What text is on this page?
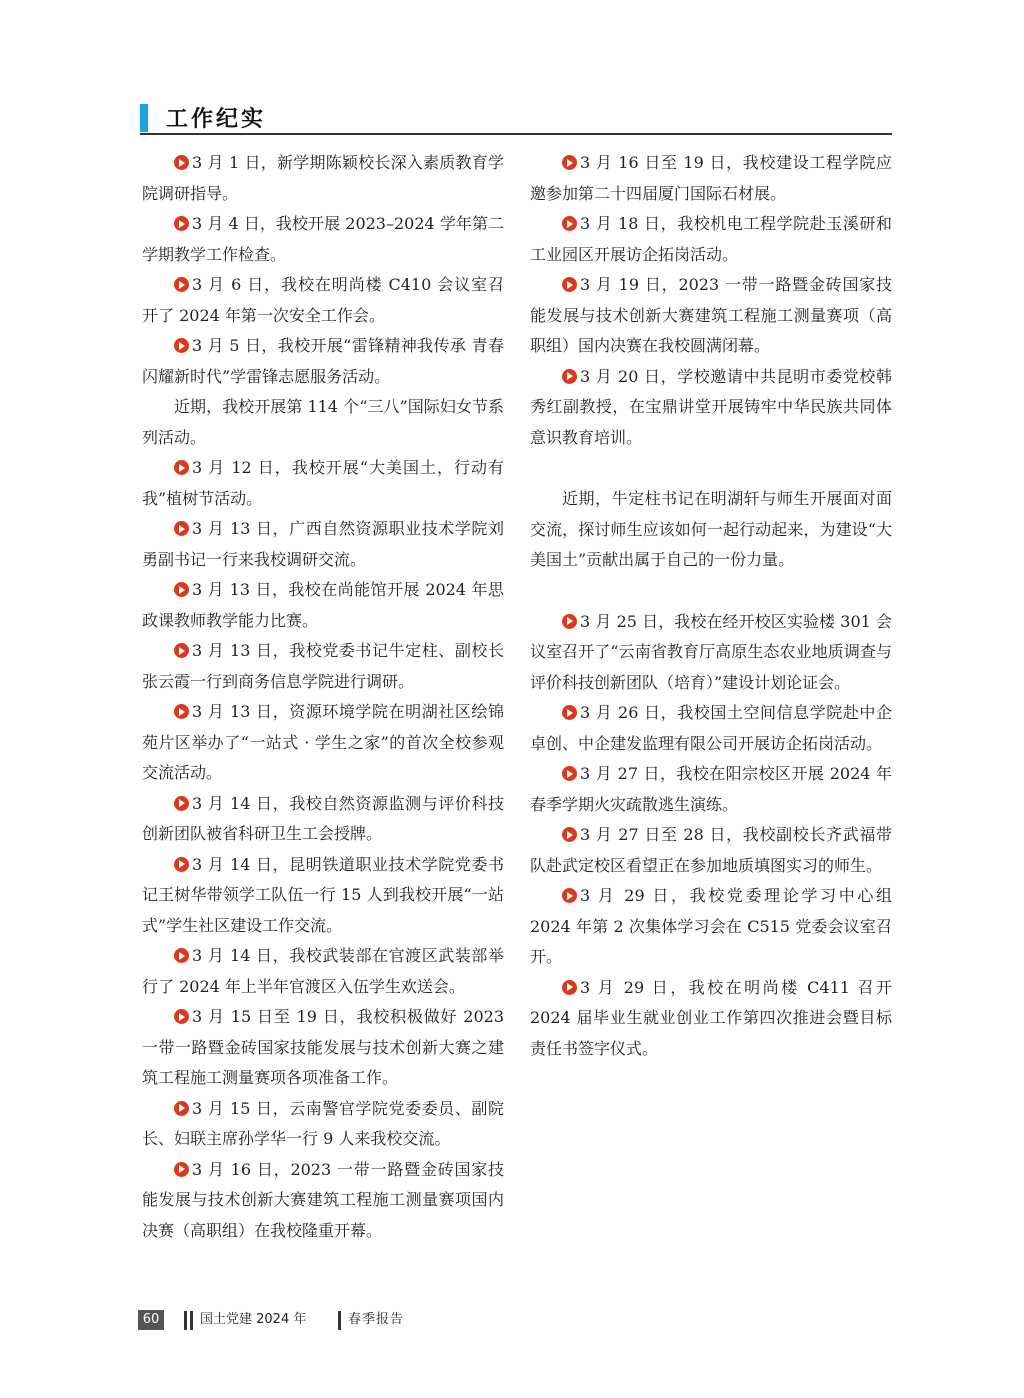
工作纪实

3 月 1 日，新学期陈颖校长深入素质教育学院调研指导。

3 月 4 日，我校开展 2023–2024 学年第二学期教学工作检查。

3 月 6 日，我校在明尚楼 C410 会议室召开了 2024 年第一次安全工作会。

3 月 5 日，我校开展“雷锋精神我传承 青春闪耀新时代”学雷锋志愿服务活动。

近期，我校开展第 114 个“三八”国际妇女节系列活动。

3 月 12 日，我校开展“大美国土，行动有我”植树节活动。

3 月 13 日，广西自然资源职业技术学院刘勇副书记一行来我校调研交流。

3 月 13 日，我校在尚能馆开展 2024 年思政课教师教学能力比赛。

3 月 13 日，我校党委书记牛定柱、副校长张云霞一行到商务信息学院进行调研。

3 月 13 日，资源环境学院在明湖社区绘锦苑片区举办了“一站式 · 学生之家”的首次全校参观交流活动。

3 月 14 日，我校自然资源监测与评价科技创新团队被省科研卫生工会授牌。

3 月 14 日，昆明铁道职业技术学院党委书记王树华带领学工队伍一行 15 人到我校开展“一站式”学生社区建设工作交流。

3 月 14 日，我校武装部在官渡区武装部举行了 2024 年上半年官渡区入伍学生欢送会。

3 月 15 日至 19 日，我校积极做好 2023 一带一路暨金砖国家技能发展与技术创新大赛之建筑工程施工测量赛项各项准备工作。

3 月 15 日，云南警官学院党委委员、副院长、妇联主席孙学华一行 9 人来我校交流。

3 月 16 日，2023 一带一路暨金砖国家技能发展与技术创新大赛建筑工程施工测量赛项国内决赛（高职组）在我校隆重开幕。

3 月 16 日至 19 日，我校建设工程学院应邀参加第二十四届厦门国际石材展。

3 月 18 日，我校机电工程学院赴玉溪研和工业园区开展访企拓岗活动。

3 月 19 日，2023 一带一路暨金砖国家技能发展与技术创新大赛建筑工程施工测量赛项（高职组）国内决赛在我校圆满闭幕。

3 月 20 日，学校邀请中共昆明市委党校韩秀红副教授，在宝鼎讲堂开展铸牢中华民族共同体意识教育培训。

近期，牛定柱书记在明湖轩与师生开展面对面交流，探讨师生应该如何一起行动起来，为建设“大美国土”贡献出属于自己的一份力量。

3 月 25 日，我校在经开校区实验楼 301 会议室召开了“云南省教育厅高原生态农业地质调查与评价科技创新团队（培育）”建设计划论证会。

3 月 26 日，我校国土空间信息学院赴中企卓创、中企建发监理有限公司开展访企拓岗活动。

3 月 27 日，我校在阳宗校区开展 2024 年春季学期火灾疏散逃生演练。

3 月 27 日至 28 日，我校副校长齐武福带队赴武定校区看望正在参加地质填图实习的师生。

3 月 29 日，我校党委理论学习中心组 2024 年第 2 次集体学习会在 C515 党委会议室召开。

3 月 29 日，我校在明尚楼 C411 召开 2024 届毕业生就业创业工作第四次推进会暨目标责任书签字仪式。

60	国土党建 2024 年	春季报告
